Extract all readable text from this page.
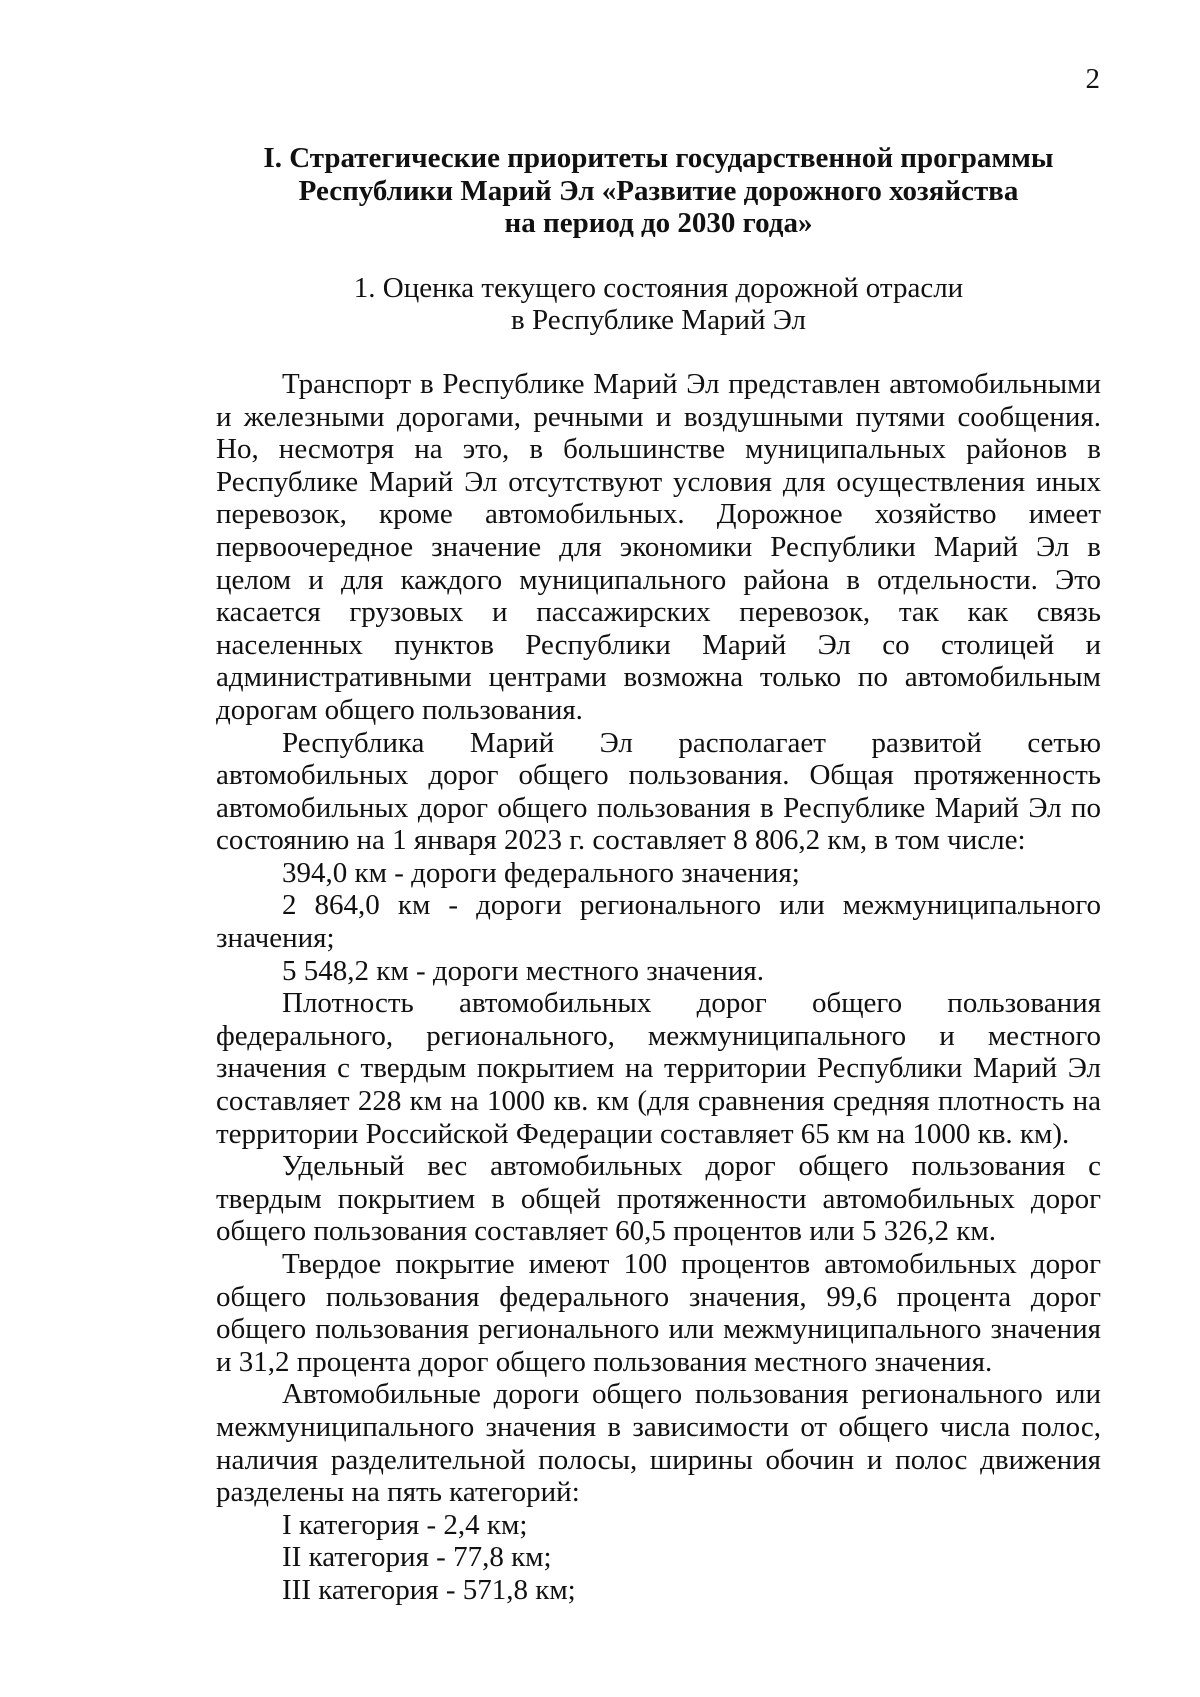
2
I. Стратегические приоритеты государственной программы
Республики Марий Эл «Развитие дорожного хозяйства
на период до 2030 года»
1. Оценка текущего состояния дорожной отрасли
в Республике Марий Эл

Транспорт в Республике Марий Эл представлен автомобильными и железными дорогами, речными и воздушными путями сообщения. Но, несмотря на это, в большинстве муниципальных районов в Республике Марий Эл отсутствуют условия для осуществления иных перевозок, кроме автомобильных. Дорожное хозяйство имеет первоочередное значение для экономики Республики Марий Эл в целом и для каждого муниципального района в отдельности. Это касается грузовых и пассажирских перевозок, так как связь населенных пунктов Республики Марий Эл со столицей и административными центрами возможна только по автомобильным дорогам общего пользования.

Республика Марий Эл располагает развитой сетью автомобильных дорог общего пользования. Общая протяженность автомобильных дорог общего пользования в Республике Марий Эл по состоянию на 1 января 2023 г. составляет 8 806,2 км, в том числе:

394,0 км - дороги федерального значения;

2 864,0 км - дороги регионального или межмуниципального значения;

5 548,2 км - дороги местного значения.

Плотность автомобильных дорог общего пользования федерального, регионального, межмуниципального и местного значения с твердым покрытием на территории Республики Марий Эл составляет 228 км на 1000 кв. км (для сравнения средняя плотность на территории Российской Федерации составляет 65 км на 1000 кв. км).

Удельный вес автомобильных дорог общего пользования с твердым покрытием в общей протяженности автомобильных дорог общего пользования составляет 60,5 процентов или 5 326,2 км.

Твердое покрытие имеют 100 процентов автомобильных дорог общего пользования федерального значения, 99,6 процента дорог общего пользования регионального или межмуниципального значения и 31,2 процента дорог общего пользования местного значения.

Автомобильные дороги общего пользования регионального или межмуниципального значения в зависимости от общего числа полос, наличия разделительной полосы, ширины обочин и полос движения разделены на пять категорий:

I категория - 2,4 км;

II категория - 77,8 км;

III категория - 571,8 км;
